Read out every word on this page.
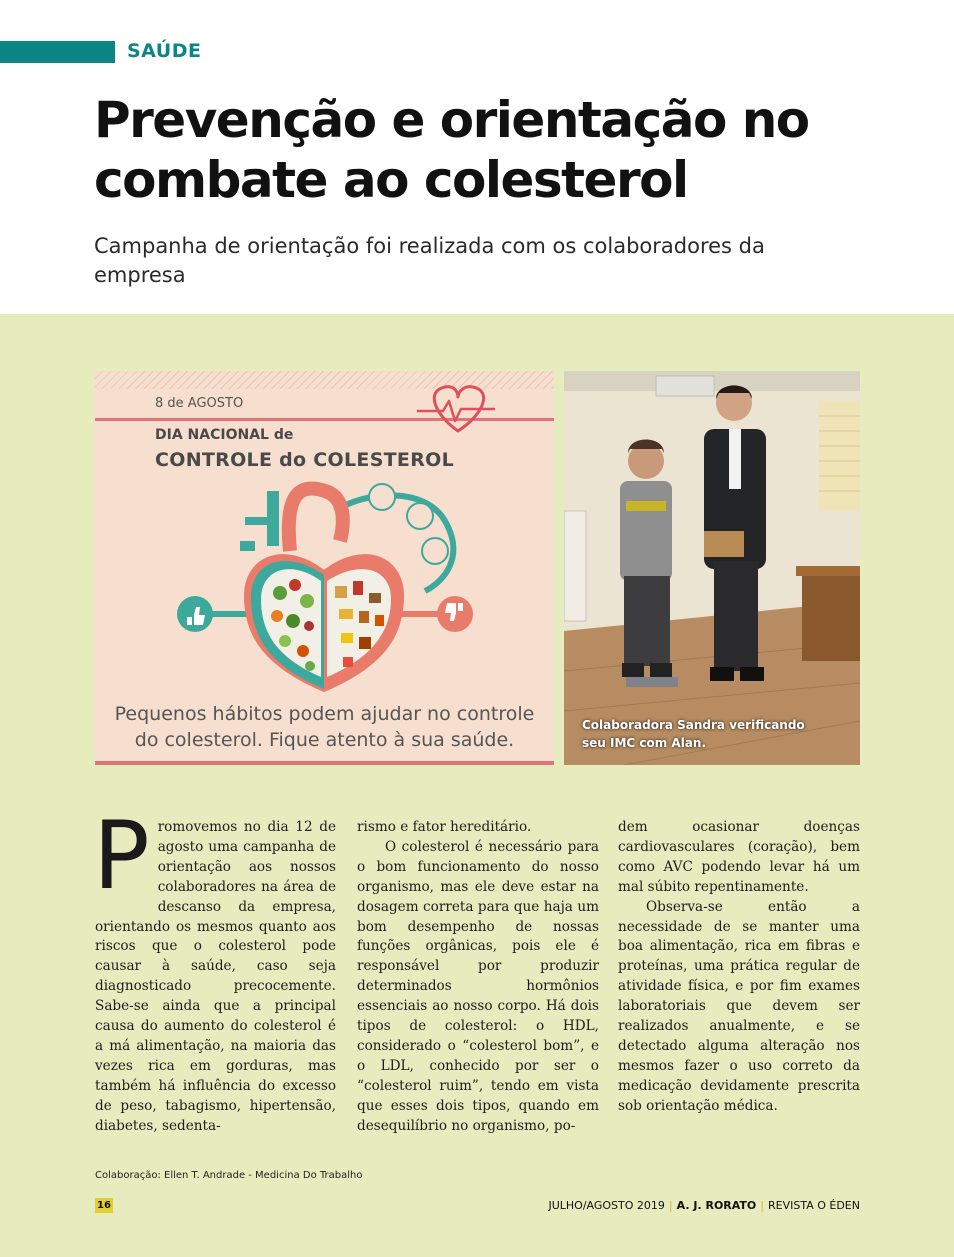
SAÚDE
Prevenção e orientação no
combate ao colesterol

Campanha de orientação foi realizada com os colaboradores da empresa

8 de AGOSTO
DIA NACIONAL de
CONTROLE do COLESTEROL
Pequenos hábitos podem ajudar no controle
do colesterol. Fique atento à sua saúde.
Colaboradora Sandra verificando
seu IMC com Alan.
P romovemos no dia 12 de agosto uma campanha de orientação aos nossos colaboradores na área de descanso da empresa, orientando os mesmos quanto aos riscos que o colesterol pode causar à saúde, caso seja diagnosticado precocemente. Sabe-se ainda que a principal causa do aumento do colesterol é a má alimentação, na maioria das vezes rica em gorduras, mas também há influência do excesso de peso, tabagismo, hipertensão, diabetes, sedenta-

rismo e fator hereditário.

O colesterol é necessário para o bom funcionamento do nosso organismo, mas ele deve estar na dosagem correta para que haja um bom desempenho de nossas funções orgânicas, pois ele é responsável por produzir determinados hormônios essenciais ao nosso corpo. Há dois tipos de colesterol: o HDL, considerado o “colesterol bom”, e o LDL, conhecido por ser o “colesterol ruim”, tendo em vista que esses dois tipos, quando em desequilíbrio no organismo, po-

dem ocasionar doenças cardiovasculares (coração), bem como AVC podendo levar há um mal súbito repentinamente.

Observa-se então a necessidade de se manter uma boa alimentação, rica em fibras e proteínas, uma prática regular de atividade física, e por fim exames laboratoriais que devem ser realizados anualmente, e se detectado alguma alteração nos mesmos fazer o uso correto da medicação devidamente prescrita sob orientação médica.

Colaboração: Ellen T. Andrade - Medicina Do Trabalho
16	JULHO/AGOSTO 2019 | A. J. RORATO | REVISTA O ÉDEN
